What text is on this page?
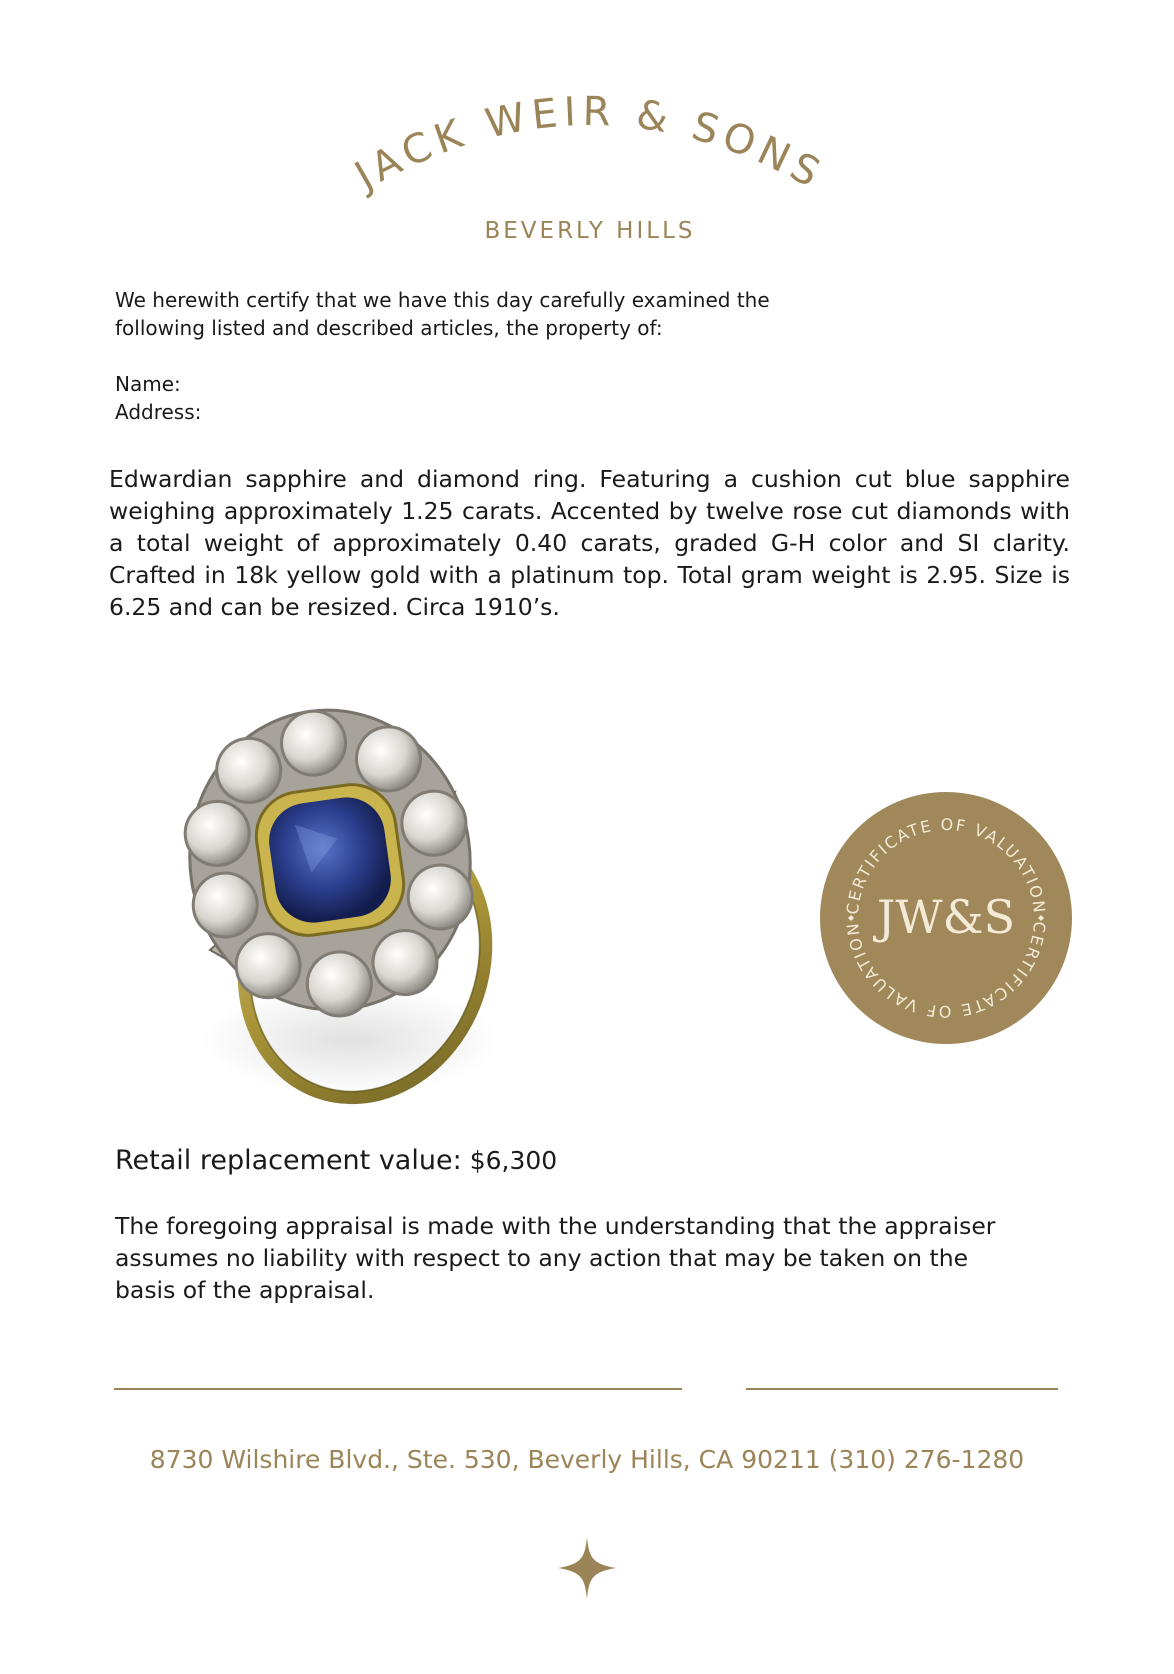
JACK WEIR & SONS
BEVERLY HILLS

We herewith certify that we have this day carefully examined the

following listed and described articles, the property of:

Name:
Address:
Edwardian sapphire and diamond ring. Featuring a cushion cut blue sapphire weighing approximately 1.25 carats. Accented by twelve rose cut diamonds with a total weight of approximately 0.40 carats, graded G-H color and SI clarity. Crafted in 18k yellow gold with a platinum top. Total gram weight is 2.95. Size is 6.25 and can be resized. Circa 1910’s.
CERTIFICATE OF VALUATION
CERTIFICATE OF VALUATION JW&S
Retail replacement value: $6,300
The foregoing appraisal is made with the understanding that the appraiser assumes no liability with respect to any action that may be taken on the basis of the appraisal.
8730 Wilshire Blvd., Ste. 530, Beverly Hills, CA 90211 (310) 276-1280
